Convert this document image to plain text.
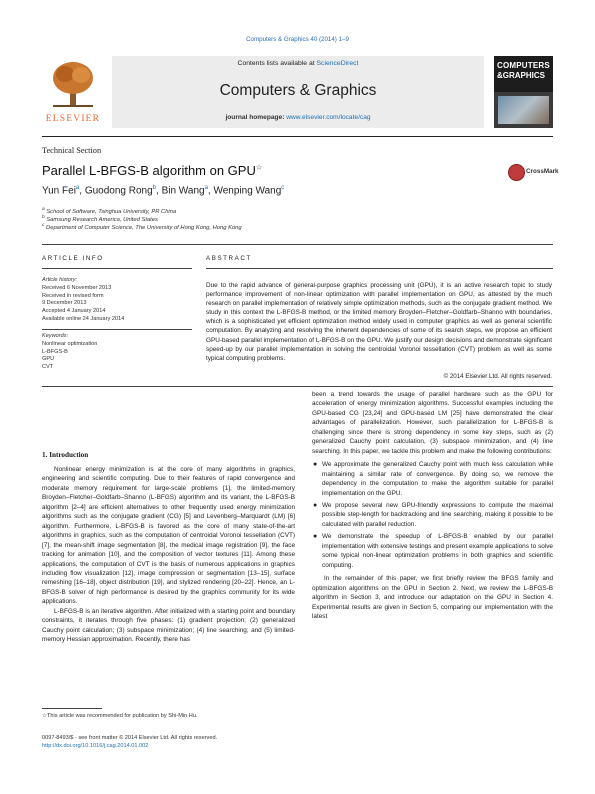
Computers & Graphics 40 (2014) 1–9
ELSEVIER
Contents lists available at ScienceDirect
Computers & Graphics
journal homepage: www.elsevier.com/locate/cag
COMPUTERS
&GRAPHICS
Technical Section
Parallel L-BFGS-B algorithm on GPU☆	CrossMark
Yun Fei$^a$, Guodong Rong$^b$, Bin Wang$^a$, Wenping Wang$^c$
$^a$ School of Software, Tsinghua University, PR China
$^b$ Samsung Research America, United States
$^c$ Department of Computer Science, The University of Hong Kong, Hong Kong
ARTICLE INFO	ABSTRACT
Article history:
Received 6 November 2013
Received in revised form
9 December 2013
Accepted 4 January 2014
Available online 24 January 2014
Keywords:
Nonlinear optimization
L-BFGS-B
GPU
CVT
Due to the rapid advance of general-purpose graphics processing unit (GPU), it is an active research topic to study performance improvement of non-linear optimization with parallel implementation on GPU, as attested by the much research on parallel implementation of relatively simple optimization methods, such as the conjugate gradient method. We study in this context the L-BFGS-B method, or the limited memory Broyden–Fletcher–Goldfarb–Shanno with boundaries, which is a sophisticated yet efficient optimization method widely used in computer graphics as well as general scientific computation. By analyzing and resolving the inherent dependencies of some of its search steps, we propose an efficient GPU-based parallel implementation of L-BFGS-B on the GPU. We justify our design decisions and demonstrate significant speed-up by our parallel implementation in solving the centroidal Voronoi tessellation (CVT) problem as well as some typical computing problems.
© 2014 Elsevier Ltd. All rights reserved.
1. Introduction

Nonlinear energy minimization is at the core of many algorithms in graphics, engineering and scientific computing. Due to their features of rapid convergence and moderate memory requirement for large-scale problems [1], the limited-memory Broyden–Fletcher–Goldfarb–Shanno (L-BFGS) algorithm and its variant, the L-BFGS-B algorithm [2–4] are efficient alternatives to other frequently used energy minimization algorithms such as the conjugate gradient (CG) [5] and Levenberg–Marquardt (LM) [6] algorithm. Furthermore, L-BFGS-B is favored as the core of many state-of-the-art algorithms in graphics, such as the computation of centroidal Voronoi tessellation (CVT) [7], the mean-shift image segmentation [8], the medical image registration [9], the face tracking for animation [10], and the composition of vector textures [11]. Among these applications, the computation of CVT is the basis of numerous applications in graphics including flow visualization [12], image compression or segmentation [13–15], surface remeshing [16–18], object distribution [19], and stylized rendering [20–22]. Hence, an L-BFGS-B solver of high performance is desired by the graphics community for its wide applications.

L-BFGS-B is an iterative algorithm. After initialized with a starting point and boundary constraints, it iterates through five phases: (1) gradient projection; (2) generalized Cauchy point calculation; (3) subspace minimization; (4) line searching; and (5) limited-memory Hessian approximation. Recently, there has

been a trend towards the usage of parallel hardware such as the GPU for acceleration of energy minimization algorithms. Successful examples including the GPU-based CG [23,24] and GPU-based LM [25] have demonstrated the clear advantages of parallelization. However, such parallelization for L-BFGS-B is challenging since there is strong dependency in some key steps, such as (2) generalized Cauchy point calculation, (3) subspace minimization, and (4) line searching. In this paper, we tackle this problem and make the following contributions:

● We approximate the generalized Cauchy point with much less calculation while maintaining a similar rate of convergence. By doing so, we remove the dependency in the computation to make the algorithm suitable for parallel implementation on the GPU.
● We propose several new GPU-friendly expressions to compute the maximal possible step-length for backtracking and line searching, making it possible to be calculated with parallel reduction.
● We demonstrate the speedup of L-BFGS-B enabled by our parallel implementation with extensive testings and present example applications to solve some typical non-linear optimization problems in both graphics and scientific computing.

In the remainder of this paper, we first briefly review the BFGS family and optimization algorithms on the GPU in Section 2. Next, we review the L-BFGS-B algorithm in Section 3, and introduce our adaptation on the GPU in Section 4. Experimental results are given in Section 5, comparing our implementation with the latest

☆This article was recommended for publication by Shi-Min Hu.
0097-8493/$ - see front matter © 2014 Elsevier Ltd. All rights reserved.
http://dx.doi.org/10.1016/j.cag.2014.01.002
